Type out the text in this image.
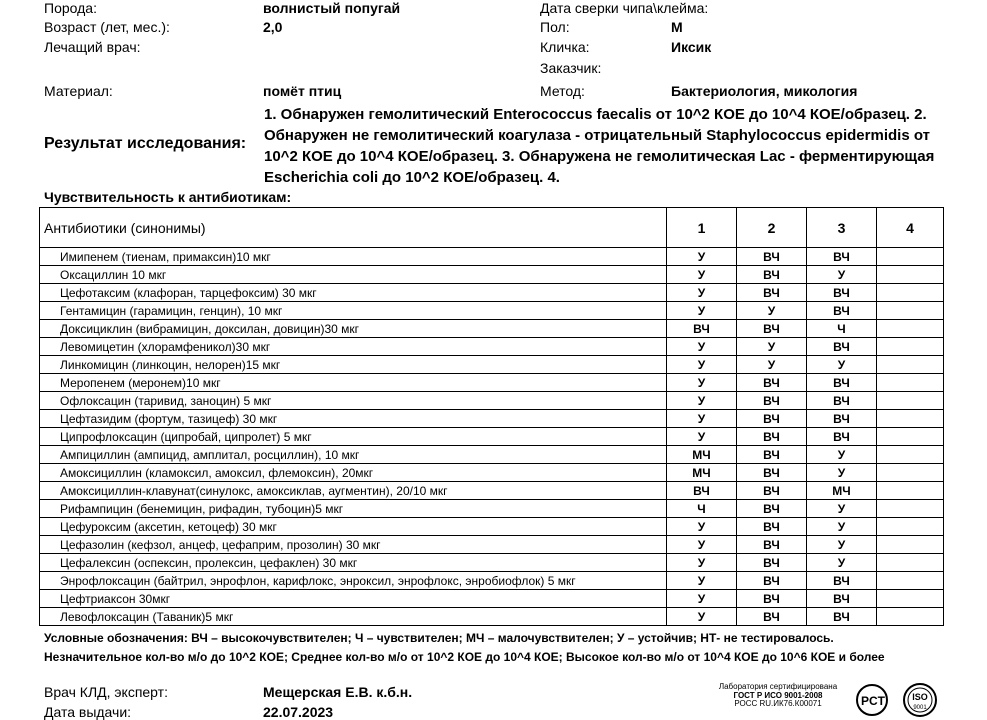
Порода:	волнистый попугай	Дата сверки чипа\клейма:
Возраст (лет, мес.):	2,0	Пол:	М
Лечащий врач:	Кличка:	Иксик
Заказчик:
Материал:	помёт птиц	Метод:	Бактериология, микология
Результат исследования:
1. Обнаружен гемолитический Enterococcus faecalis от 10^2 КОЕ до 10^4 КОЕ/образец. 2. Обнаружен не гемолитический коагулаза - отрицательный Staphylococcus epidermidis от 10^2 КОЕ до 10^4 КОЕ/образец. 3. Обнаружена не гемолитическая Lac - ферментирующая Escherichia coli до 10^2 КОЕ/образец. 4.
Чувствительность к антибиотикам:
Антибиотики (синонимы)	1	2	3	4
Имипенем (тиенам, примаксин)10 мкг	У	ВЧ	ВЧ	
Оксациллин 10 мкг	У	ВЧ	У	
Цефотаксим (клафоран, тарцефоксим) 30 мкг	У	ВЧ	ВЧ	
Гентамицин (гарамицин, генцин), 10 мкг	У	У	ВЧ	
Доксициклин (вибрамицин, доксилан, довицин)30 мкг	ВЧ	ВЧ	Ч	
Левомицетин (хлорамфеникол)30 мкг	У	У	ВЧ	
Линкомицин (линкоцин, нелорен)15 мкг	У	У	У	
Меропенем (меронем)10 мкг	У	ВЧ	ВЧ	
Офлоксацин (таривид, заноцин) 5 мкг	У	ВЧ	ВЧ	
Цефтазидим (фортум, тазицеф) 30 мкг	У	ВЧ	ВЧ	
Ципрофлоксацин (ципробай, ципролет) 5 мкг	У	ВЧ	ВЧ	
Ампициллин (ампицид, амплитал, росциллин), 10 мкг	МЧ	ВЧ	У	
Амоксициллин (кламоксил, амоксил, флемоксин), 20мкг	МЧ	ВЧ	У	
Амоксициллин-клавунат(синулокс, амоксиклав, аугментин), 20/10 мкг	ВЧ	ВЧ	МЧ	
Рифампицин (бенемицин, рифадин, тубоцин)5 мкг	Ч	ВЧ	У	
Цефуроксим (аксетин, кетоцеф) 30 мкг	У	ВЧ	У	
Цефазолин (кефзол, анцеф, цефаприм, прозолин) 30 мкг	У	ВЧ	У	
Цефалексин (оспексин, пролексин, цефаклен) 30 мкг	У	ВЧ	У	
Энрофлоксацин (байтрил, энрофлон, карифлокс, энроксил, энрофлокс, энробиофлок) 5 мкг	У	ВЧ	ВЧ	
Цефтриаксон 30мкг	У	ВЧ	ВЧ	
Левофлоксацин (Таваник)5 мкг	У	ВЧ	ВЧ	
Условные обозначения: ВЧ – высокочувствителен; Ч – чувствителен; МЧ – малочувствителен; У – устойчив; НТ- не тестировалось.
Незначительное кол-во м/о до 10^2 КОЕ; Среднее кол-во м/о от 10^2 КОЕ до 10^4 КОЕ; Высокое кол-во м/о от 10^4 КОЕ до 10^6 КОЕ и более
Врач КЛД, эксперт:	Мещерская Е.В. к.б.н.
Дата выдачи:	22.07.2023
Лаборатория сертифицирована
ГОСТ Р ИСО 9001-2008
РОСС RU.ИК76.К00071	PCT	ISO
9001
